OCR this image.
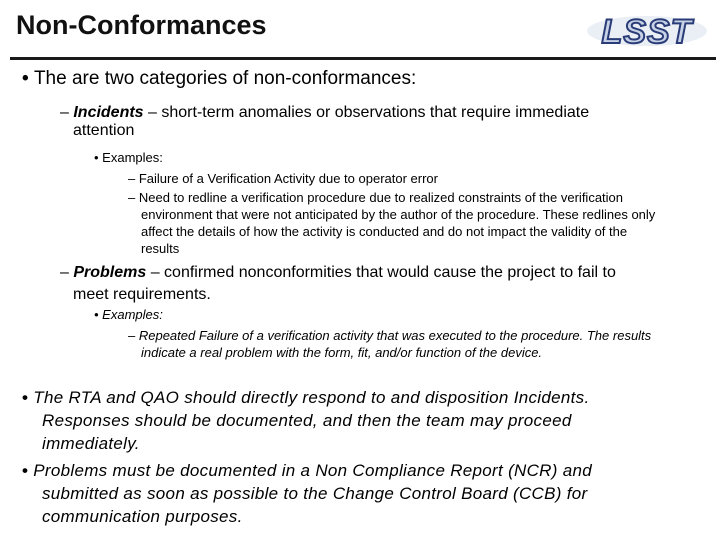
Non-Conformances	LSST
• The are two categories of non-conformances:
– Incidents – short-term anomalies or observations that require immediate
attention
• Examples:
– Failure of a Verification Activity due to operator error
– Need to redline a verification procedure due to realized constraints of the verification
environment that were not anticipated by the author of the procedure. These redlines only
affect the details of how the activity is conducted and do not impact the validity of the
results
– Problems – confirmed nonconformities that would cause the project to fail to
meet requirements.
• Examples:
– Repeated Failure of a verification activity that was executed to the procedure. The results
indicate a real problem with the form, fit, and/or function of the device.
• The RTA and QAO should directly respond to and disposition Incidents.
Responses should be documented, and then the team may proceed
immediately.
• Problems must be documented in a Non Compliance Report (NCR) and
submitted as soon as possible to the Change Control Board (CCB) for
communication purposes.
